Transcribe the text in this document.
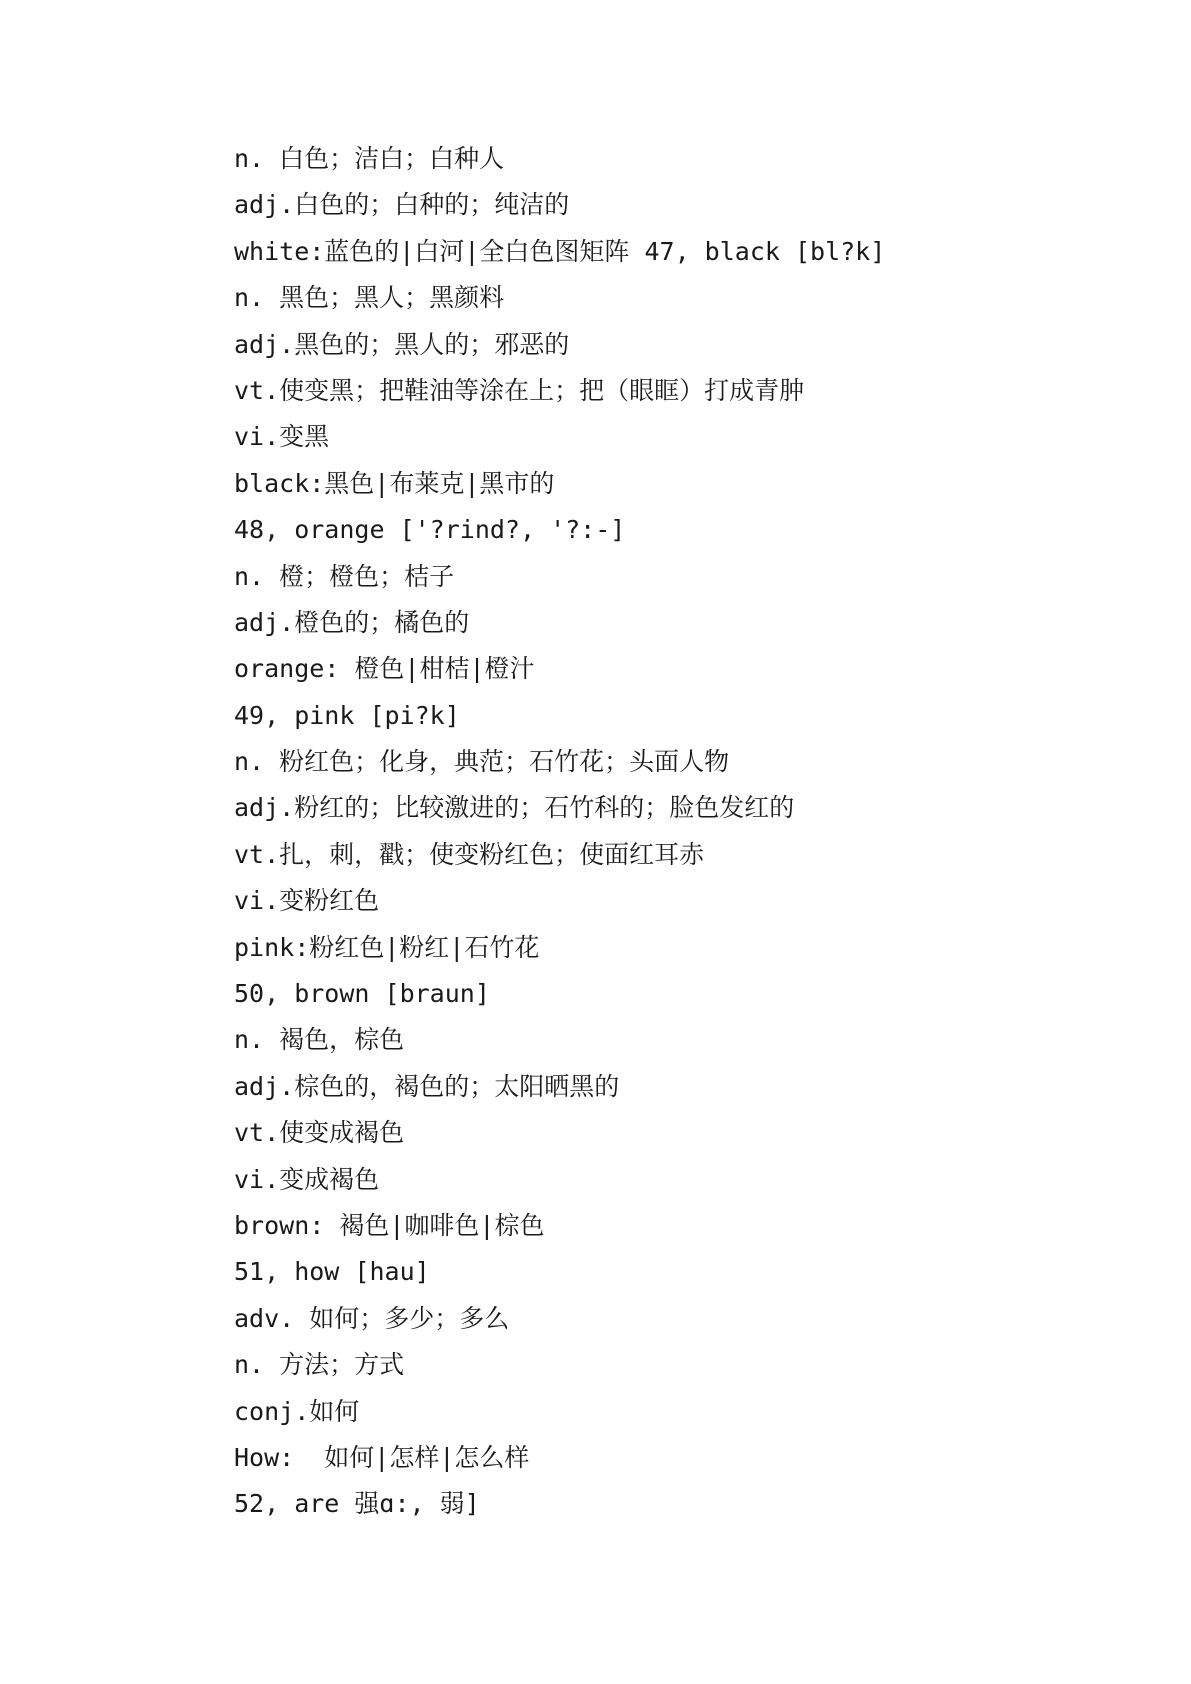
n. 白色；洁白；白种人
adj.白色的；白种的；纯洁的
white:蓝色的|白河|全白色图矩阵 47, black [bl?k]
n. 黑色；黑人；黑颜料
adj.黑色的；黑人的；邪恶的
vt.使变黑；把鞋油等涂在上；把（眼眶）打成青肿
vi.变黑
black:黑色|布莱克|黑市的
48, orange ['?rind?, '?:-]
n. 橙；橙色；桔子
adj.橙色的；橘色的
orange: 橙色|柑桔|橙汁
49, pink [pi?k]
n. 粉红色；化身，典范；石竹花；头面人物
adj.粉红的；比较激进的；石竹科的；脸色发红的
vt.扎，刺，戳；使变粉红色；使面红耳赤
vi.变粉红色
pink:粉红色|粉红|石竹花
50, brown [braun]
n. 褐色，棕色
adj.棕色的，褐色的；太阳晒黑的
vt.使变成褐色
vi.变成褐色
brown: 褐色|咖啡色|棕色
51, how [hau]
adv. 如何；多少；多么
n. 方法；方式
conj.如何
How:  如何|怎样|怎么样
52, are 强ɑ:, 弱]
